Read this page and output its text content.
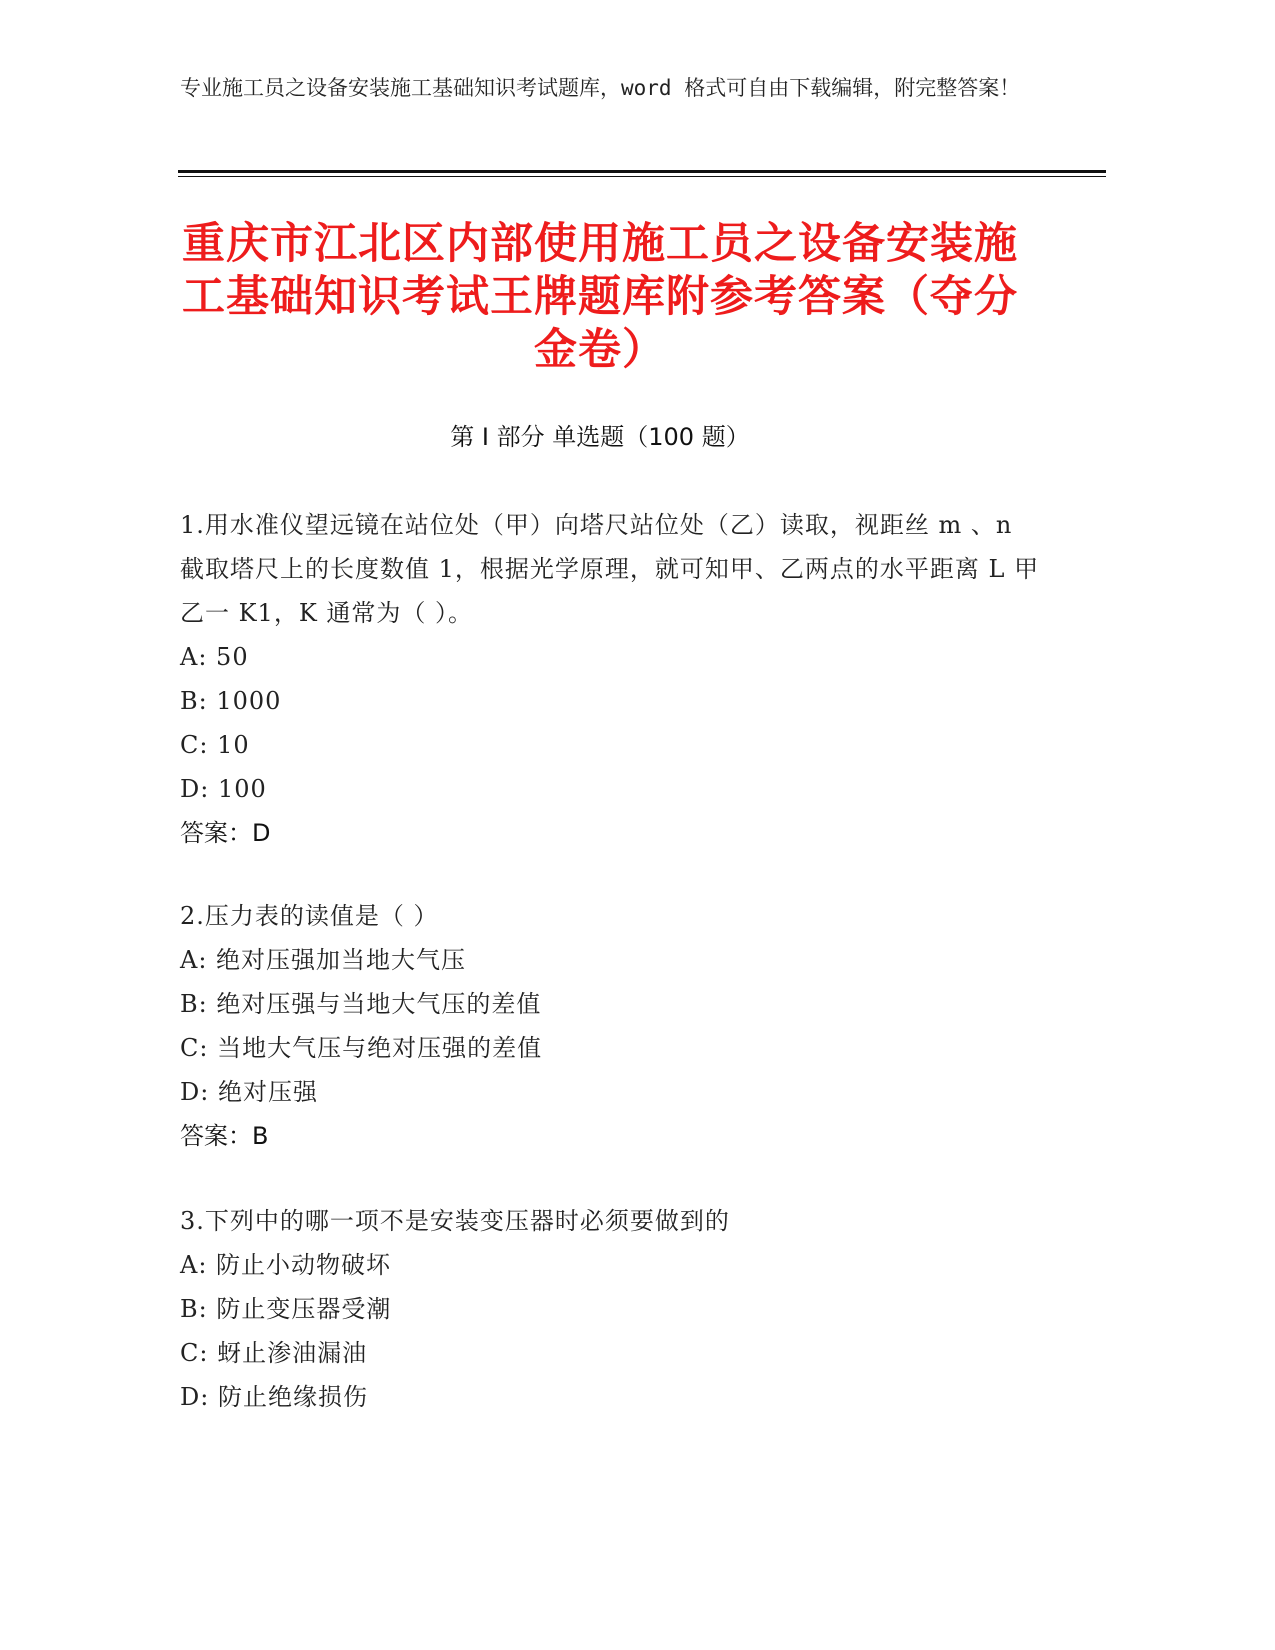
专业施工员之设备安装施工基础知识考试题库，word 格式可自由下载编辑，附完整答案！
重庆市江北区内部使用施工员之设备安装施工基础知识考试王牌题库附参考答案（夺分金卷）
第 I 部分 单选题（100 题）
1.用水准仪望远镜在站位处（甲）向塔尺站位处（乙）读取，视距丝 m 、n 截取塔尺上的长度数值 1，根据光学原理，就可知甲、乙两点的水平距离 L 甲乙一 K1，K 通常为（ ）。
A: 50
B: 1000
C: 10
D: 100
答案：D
2.压力表的读值是（ ）
A: 绝对压强加当地大气压
B: 绝对压强与当地大气压的差值
C: 当地大气压与绝对压强的差值
D: 绝对压强
答案：B
3.下列中的哪一项不是安装变压器时必须要做到的
A: 防止小动物破坏
B: 防止变压器受潮
C: 蚜止渗油漏油
D: 防止绝缘损伤
